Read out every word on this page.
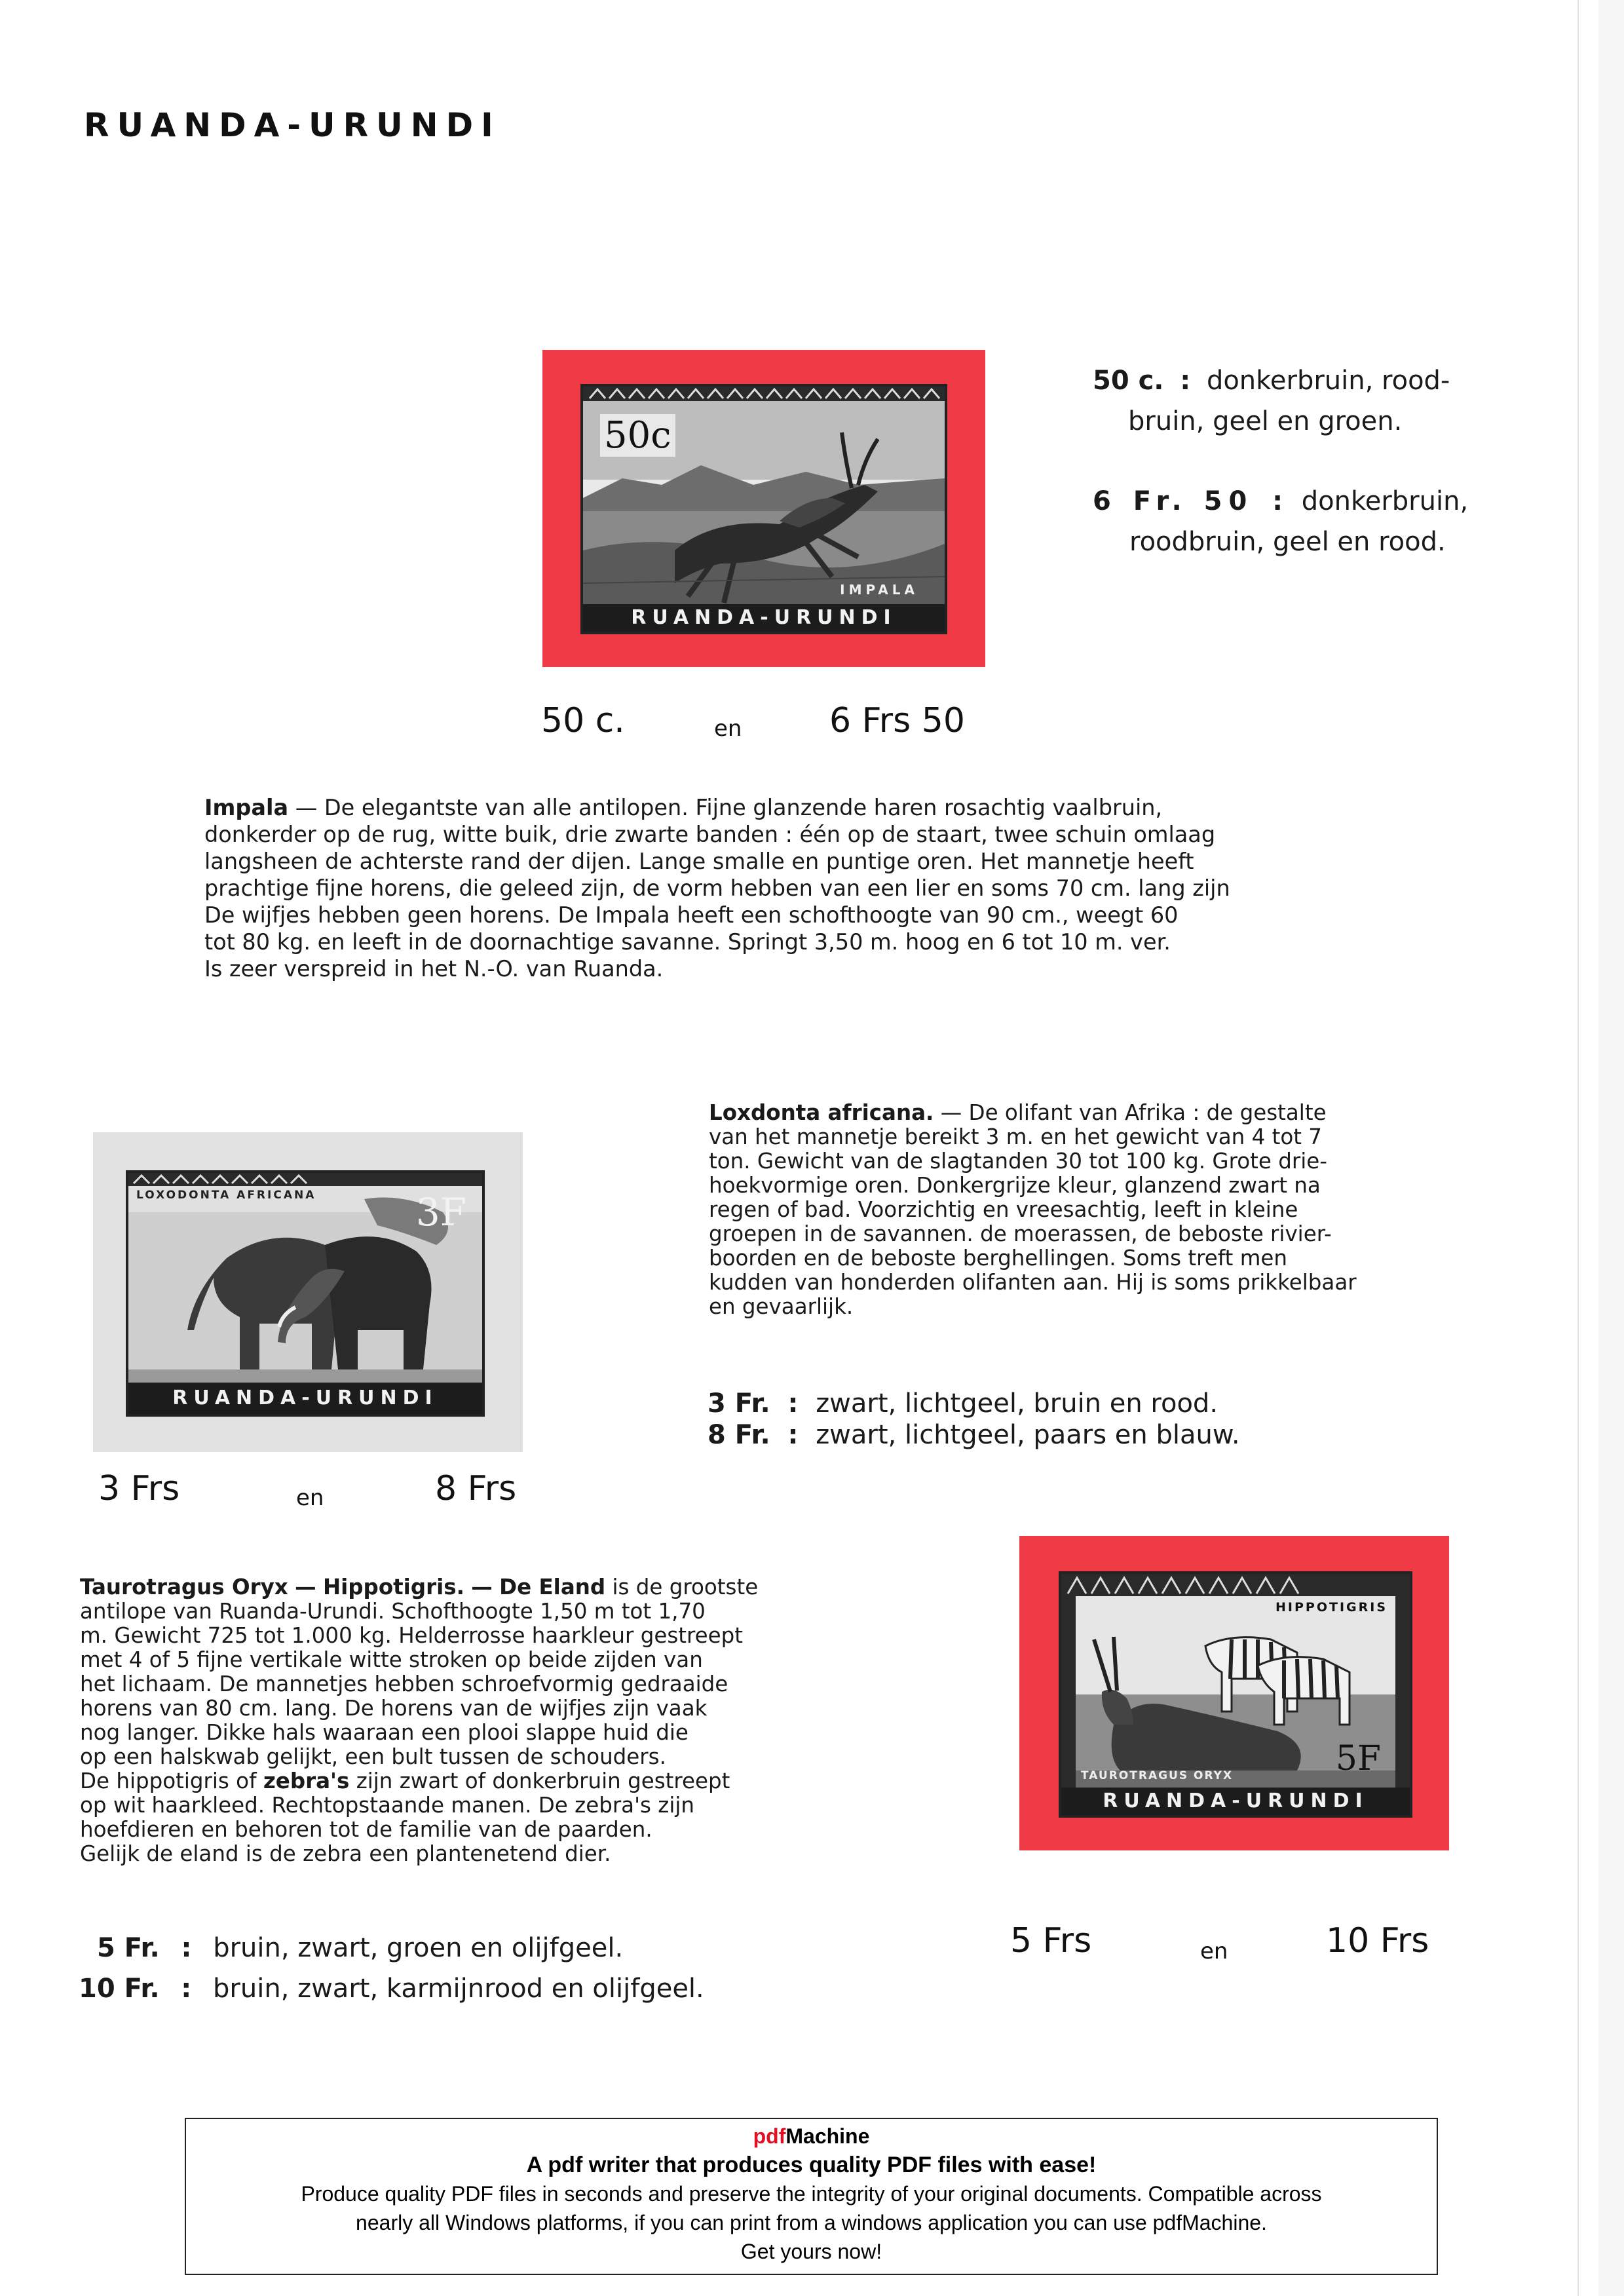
RUANDA-URUNDI
50c
IMPALA
RUANDA-URUNDI
50 c.	en	6 Frs 50
50 c. : donkerbruin, rood-
bruin, geel en groen.
6 Fr. 50 : donkerbruin,
roodbruin, geel en rood.
Impala — De elegantste van alle antilopen. Fijne glanzende haren rosachtig vaalbruin,
donkerder op de rug, witte buik, drie zwarte banden : één op de staart, twee schuin omlaag
langsheen de achterste rand der dijen. Lange smalle en puntige oren. Het mannetje heeft
prachtige fijne horens, die geleed zijn, de vorm hebben van een lier en soms 70 cm. lang zijn
De wijfjes hebben geen horens. De Impala heeft een schofthoogte van 90 cm., weegt 60
tot 80 kg. en leeft in de doornachtige savanne. Springt 3,50 m. hoog en 6 tot 10 m. ver.
Is zeer verspreid in het N.-O. van Ruanda.
LOXODONTA AFRICANA	3F
RUANDA-URUNDI
3 Frs	en	8 Frs
Loxdonta africana. — De olifant van Afrika : de gestalte
van het mannetje bereikt 3 m. en het gewicht van 4 tot 7
ton. Gewicht van de slagtanden 30 tot 100 kg. Grote drie-
hoekvormige oren. Donkergrijze kleur, glanzend zwart na
regen of bad. Voorzichtig en vreesachtig, leeft in kleine
groepen in de savannen. de moerassen, de beboste rivier-
boorden en de beboste berghellingen. Soms treft men
kudden van honderden olifanten aan. Hij is soms prikkelbaar
en gevaarlijk.
3 Fr. : zwart, lichtgeel, bruin en rood.
8 Fr. : zwart, lichtgeel, paars en blauw.
Taurotragus Oryx — Hippotigris. — De Eland is de grootste
antilope van Ruanda-Urundi. Schofthoogte 1,50 m tot 1,70
m. Gewicht 725 tot 1.000 kg. Helderrosse haarkleur gestreept
met 4 of 5 fijne vertikale witte stroken op beide zijden van
het lichaam. De mannetjes hebben schroefvormig gedraaide
horens van 80 cm. lang. De horens van de wijfjes zijn vaak
nog langer. Dikke hals waaraan een plooi slappe huid die
op een halskwab gelijkt, een bult tussen de schouders.
De hippotigris of zebra's zijn zwart of donkerbruin gestreept
op wit haarkleed. Rechtopstaande manen. De zebra's zijn
hoefdieren en behoren tot de familie van de paarden.
Gelijk de eland is de zebra een plantenetend dier.
5 Fr. : bruin, zwart, groen en olijfgeel.
10 Fr. : bruin, zwart, karmijnrood en olijfgeel.
HIPPOTIGRIS
5F
TAUROTRAGUS ORYX
RUANDA-URUNDI
5 Frs	en	10 Frs
pdfMachine
A pdf writer that produces quality PDF files with ease!
Produce quality PDF files in seconds and preserve the integrity of your original documents. Compatible across
nearly all Windows platforms, if you can print from a windows application you can use pdfMachine.
Get yours now!
